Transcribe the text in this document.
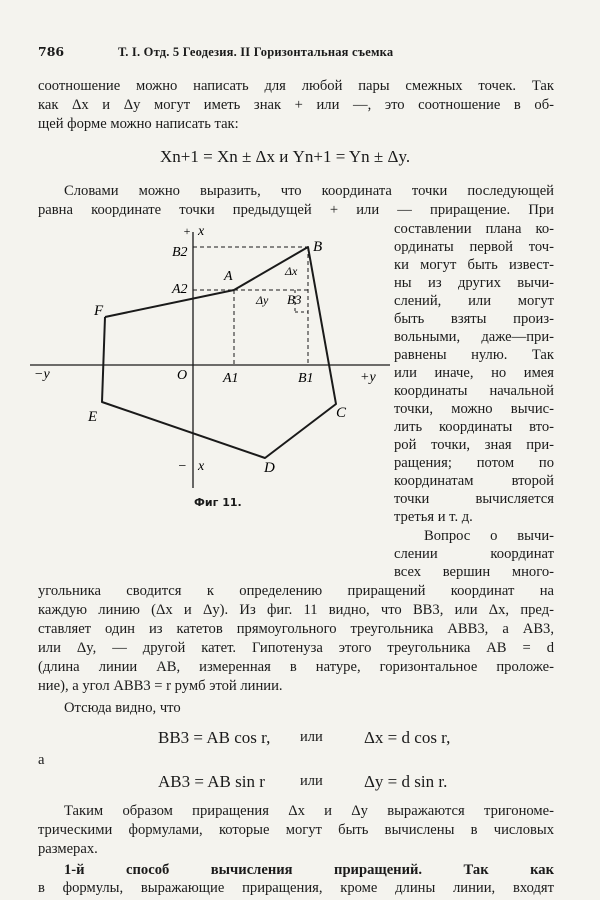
786	Т. I. Отд. 5 Геодезия. II Горизонтальная съемка
соотношение можно написать для любой пары смежных точек. Так
как Δx и Δy могут иметь знак + или —, это соотношение в об-
щей форме можно написать так:
Xn+1 = Xn ± Δx и Yn+1 = Yn ± Δy.
Словами можно выразить, что координата точки последующей
равна координате точки предыдущей + или — приращение. При
составлении плана ко-
ординаты первой точ-
ки могут быть извест-
ны из других вычи-
слений, или могут
быть взяты произ-
вольными, даже—при-
равнены нулю. Так
или иначе, но имея
координаты начальной
точки, можно вычис-
лить координаты вто-
рой точки, зная при-
ращения; потом по
координатам второй
точки вычисляется
третья и т. д.
Вопрос о вычи-
слении координат
всех вершин много-
угольника сводится к определению приращений координат на
каждую линию (Δx и Δy). Из фиг. 11 видно, что BB3, или Δx, пред-
ставляет один из катетов прямоугольного треугольника ABB3, а AB3,
или Δy, — другой катет. Гипотенуза этого треугольника AB = d
(длина линии AB, измеренная в натуре, горизонтальное проложе-
ние), а угол ABB3 = r румб этой линии.
Отсюда видно, что
BB3 = AB cos r, или Δx = d cos r,
а
AB3 = AB sin r или Δy = d sin r.
Таким образом приращения Δx и Δy выражаются тригономе-
трическими формулами, которые могут быть вычислены в числовых
размерах.
1-й способ вычисления приращений. Так как
в формулы, выражающие приращения, кроме длины линии, входят
+ x
− x
−y	+y
B2
A2
A
B
Δx
Δy B3
F
O	A1	B1
C
E
D
Фиг 11.
